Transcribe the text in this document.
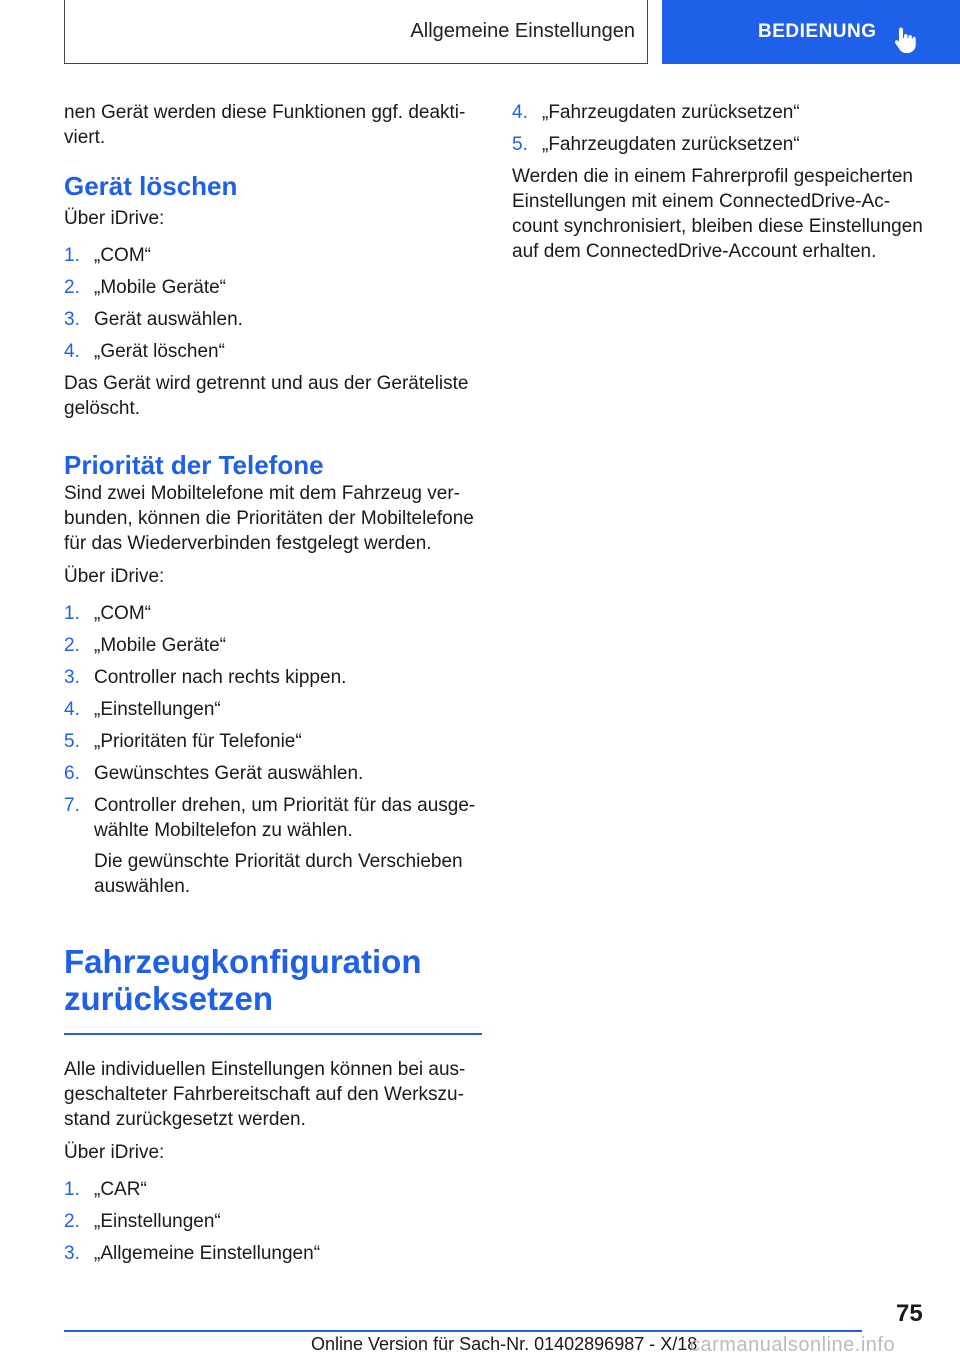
Allgemeine Einstellungen	BEDIENUNG

nen Gerät werden diese Funktionen ggf. deakti-viert.

Gerät löschen

Über iDrive:

1. „COM“
2. „Mobile Geräte“
3. Gerät auswählen.
4. „Gerät löschen“

Das Gerät wird getrennt und aus der Geräteliste gelöscht.

Priorität der Telefone

Sind zwei Mobiltelefone mit dem Fahrzeug ver-bunden, können die Prioritäten der Mobiltelefone für das Wiederverbinden festgelegt werden.

Über iDrive:

1. „COM“
2. „Mobile Geräte“
3. Controller nach rechts kippen.
4. „Einstellungen“
5. „Prioritäten für Telefonie“
6. Gewünschtes Gerät auswählen.
7. Controller drehen, um Priorität für das ausge-wählte Mobiltelefon zu wählen.
Die gewünschte Priorität durch Verschieben auswählen.
Fahrzeugkonfiguration zurücksetzen

Alle individuellen Einstellungen können bei aus-geschalteter Fahrbereitschaft auf den Werkszu-stand zurückgesetzt werden.

Über iDrive:

1. „CAR“
2. „Einstellungen“
3. „Allgemeine Einstellungen“
4. „Fahrzeugdaten zurücksetzen“
5. „Fahrzeugdaten zurücksetzen“

Werden die in einem Fahrerprofil gespeicherten Einstellungen mit einem ConnectedDrive-Ac-count synchronisiert, bleiben diese Einstellungen auf dem ConnectedDrive-Account erhalten.

75
Online Version für Sach-Nr. 01402896987 - X/18
carmanualsonline.info
